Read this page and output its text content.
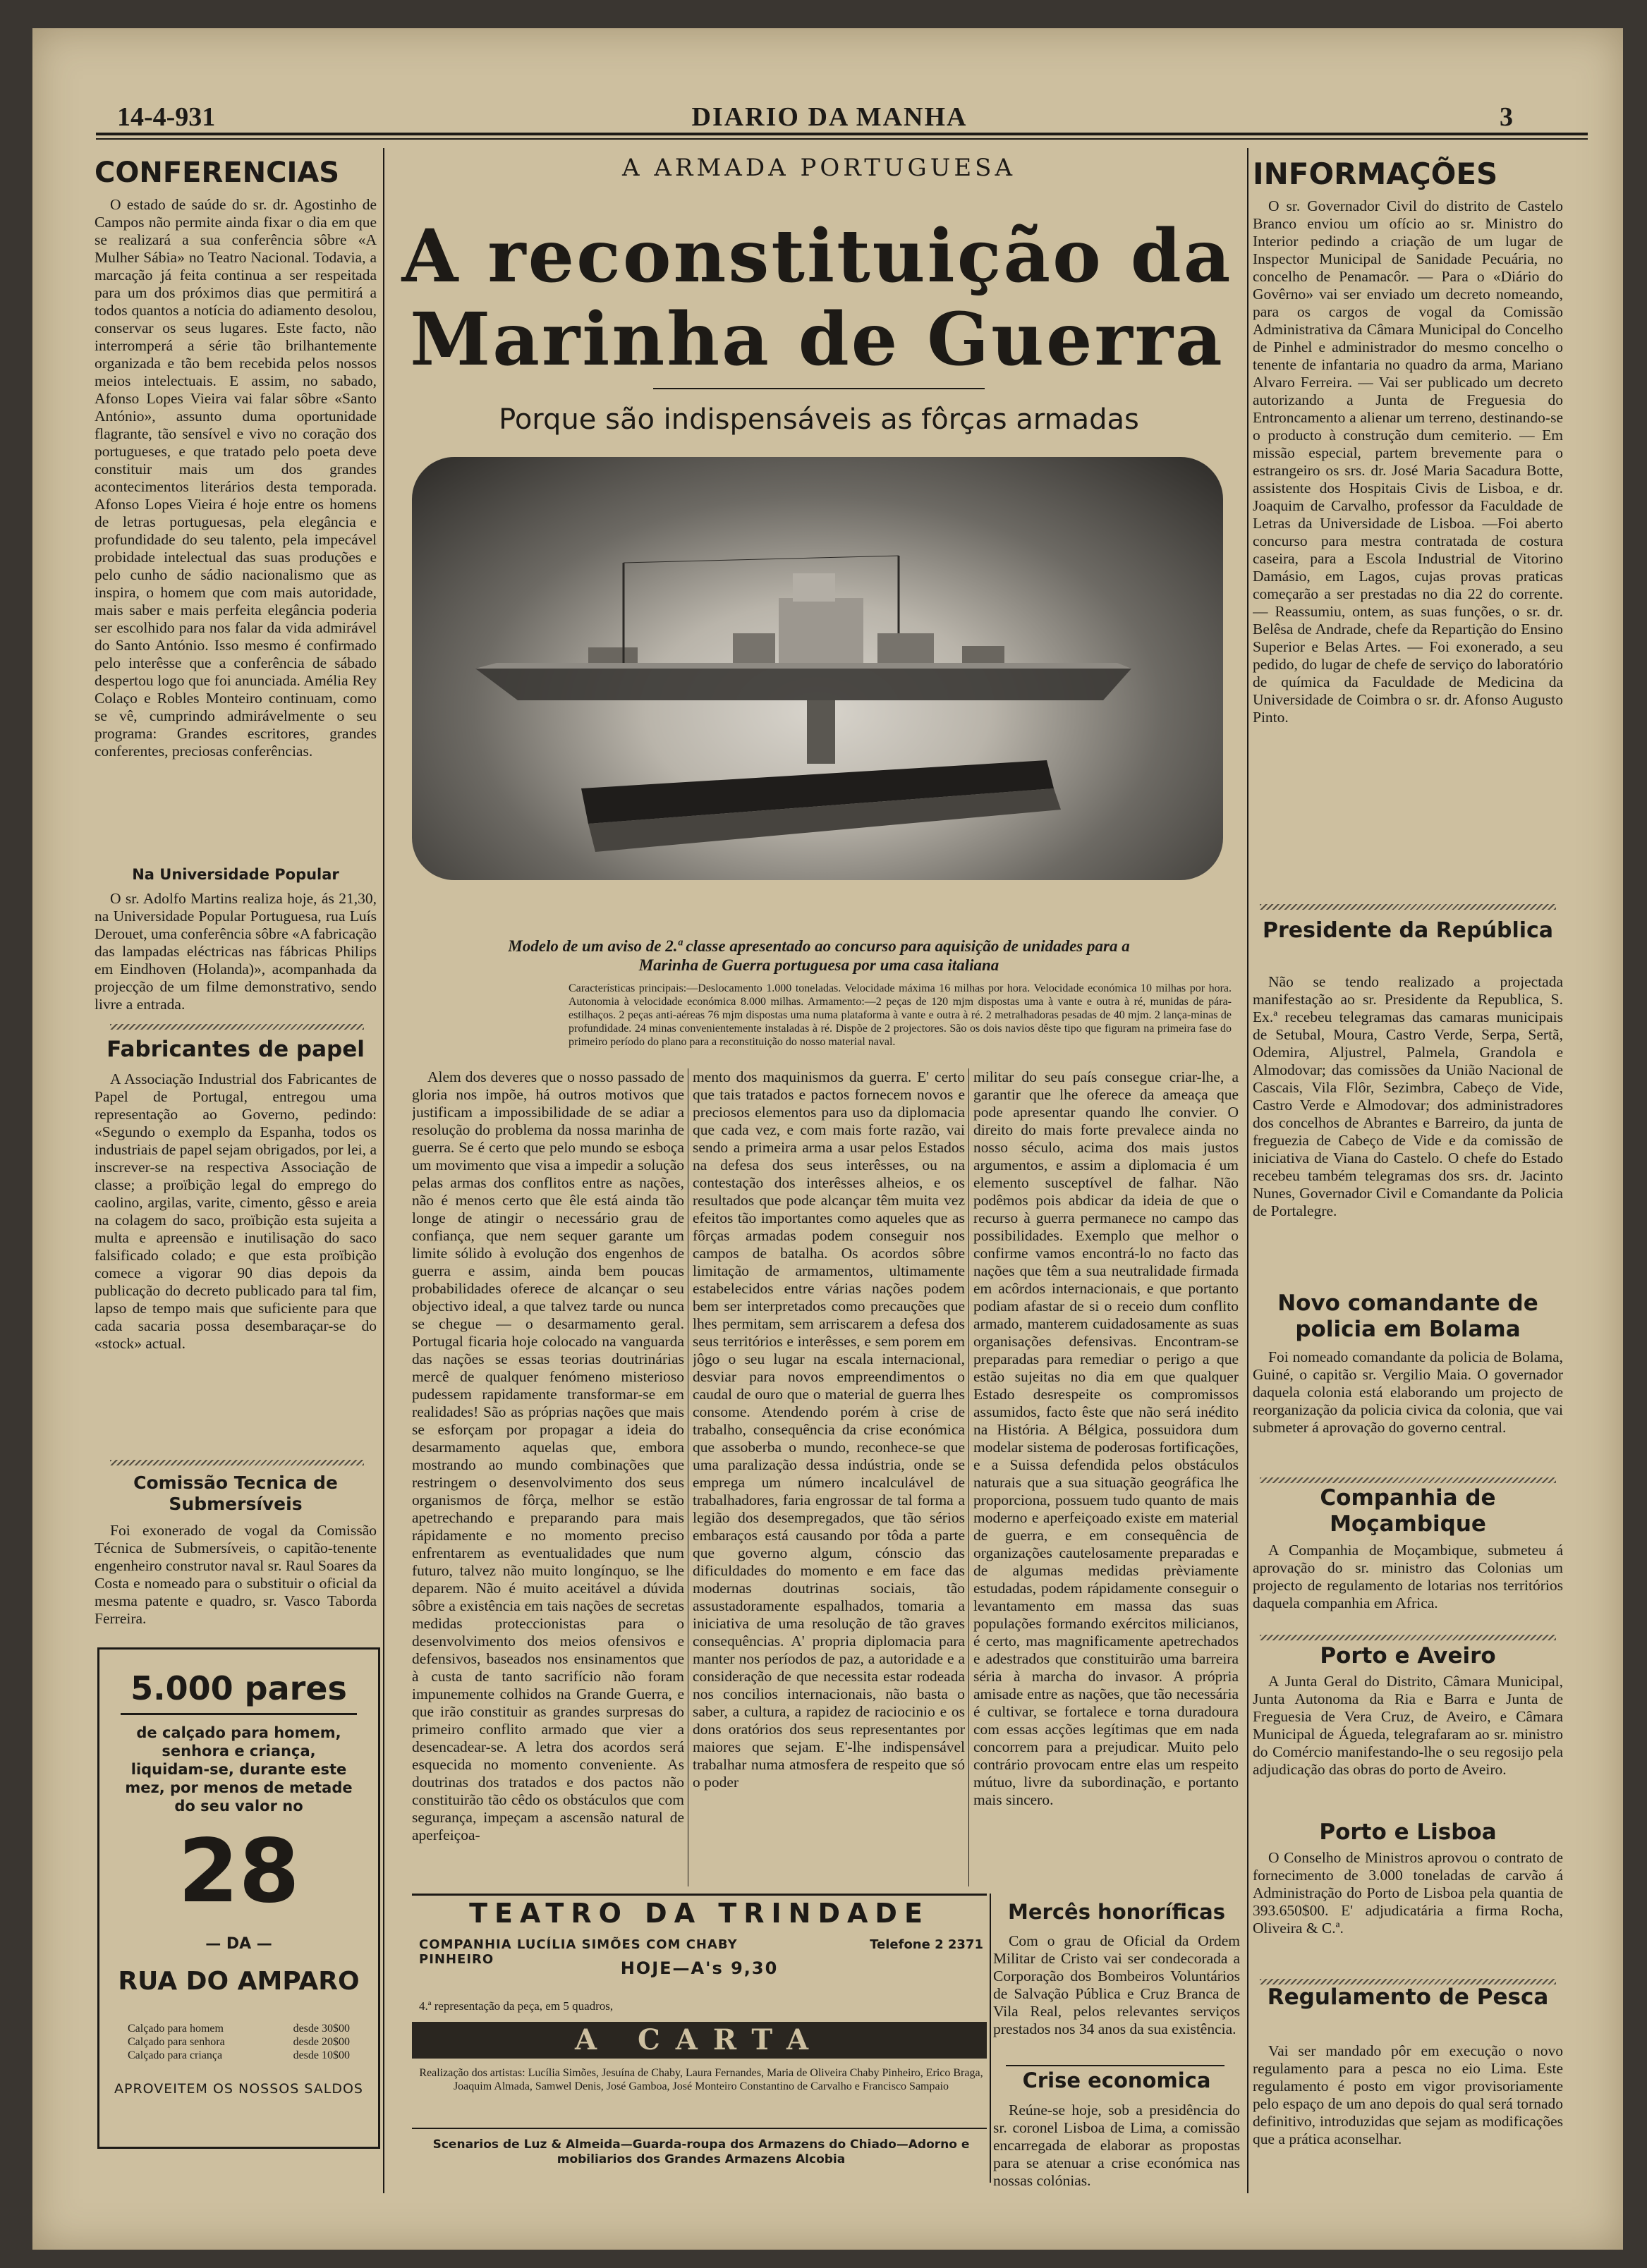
14-4-931	DIARIO DA MANHA	3
CONFERENCIAS

O estado de saúde do sr. dr. Agostinho de Campos não permite ainda fixar o dia em que se realizará a sua conferência sôbre «A Mulher Sábia» no Teatro Nacional. Todavia, a marcação já feita continua a ser respeitada para um dos próximos dias que permitirá a todos quantos a notícia do adiamento desolou, conservar os seus lugares. Este facto, não interromperá a série tão brilhantemente organizada e tão bem recebida pelos nossos meios intelectuais. E assim, no sabado, Afonso Lopes Vieira vai falar sôbre «Santo António», assunto duma oportunidade flagrante, tão sensível e vivo no coração dos portugueses, e que tratado pelo poeta deve constituir mais um dos grandes acontecimentos literários desta temporada. Afonso Lopes Vieira é hoje entre os homens de letras portuguesas, pela elegância e profundidade do seu talento, pela impecável probidade intelectual das suas produções e pelo cunho de sádio nacionalismo que as inspira, o homem que com mais autoridade, mais saber e mais perfeita elegância poderia ser escolhido para nos falar da vida admirável do Santo António. Isso mesmo é confirmado pelo interêsse que a conferência de sábado despertou logo que foi anunciada. Amélia Rey Colaço e Robles Monteiro continuam, como se vê, cumprindo admirávelmente o seu programa: Grandes escritores, grandes conferentes, preciosas conferências.

Na Universidade Popular

O sr. Adolfo Martins realiza hoje, ás 21,30, na Universidade Popular Portuguesa, rua Luís Derouet, uma conferência sôbre «A fabricação das lampadas eléctricas nas fábricas Philips em Eindhoven (Holanda)», acompanhada da projecção de um filme demonstrativo, sendo livre a entrada.

Fabricantes de papel

A Associação Industrial dos Fabricantes de Papel de Portugal, entregou uma representação ao Governo, pedindo: «Segundo o exemplo da Espanha, todos os industriais de papel sejam obrigados, por lei, a inscrever-se na respectiva Associação de classe; a proïbição legal do emprego do caolino, argilas, varite, cimento, gêsso e areia na colagem do saco, proïbição esta sujeita a multa e apreensão e inutilisação do saco falsificado colado; e que esta proïbição comece a vigorar 90 dias depois da publicação do decreto publicado para tal fim, lapso de tempo mais que suficiente para que cada sacaria possa desembaraçar-se do «stock» actual.

Comissão Tecnica de Submersíveis

Foi exonerado de vogal da Comissão Técnica de Submersíveis, o capitão-tenente engenheiro construtor naval sr. Raul Soares da Costa e nomeado para o substituir o oficial da mesma patente e quadro, sr. Vasco Taborda Ferreira.

5.000 pares
de calçado para homem, senhora e criança, liquidam-se, durante este mez, por menos de metade do seu valor no
28
— DA —
RUA DO AMPARO
Calçado para homem	desde 30$00
Calçado para senhora	desde 20$00
Calçado para criança	desde 10$00
APROVEITEM OS NOSSOS SALDOS
A ARMADA PORTUGUESA
A reconstituição da
Marinha de Guerra
Porque são indispensáveis as fôrças armadas
Modelo de um aviso de 2.ª classe apresentado ao concurso para aquisição de unidades para a
Marinha de Guerra portuguesa por uma casa italiana
Características principais:—Deslocamento 1.000 toneladas. Velocidade máxima 16 milhas por hora. Velocidade económica 10 milhas por hora. Autonomia à velocidade económica 8.000 milhas. Armamento:—2 peças de 120 mjm dispostas uma à vante e outra à ré, munidas de pára-estilhaços. 2 peças anti-aéreas 76 mjm dispostas uma numa plataforma à vante e outra à ré. 2 metralhadoras pesadas de 40 mjm. 2 lança-minas de profundidade. 24 minas convenientemente instaladas à ré. Dispõe de 2 projectores. São os dois navios dêste tipo que figuram na primeira fase do primeiro período do plano para a reconstituição do nosso material naval.

Alem dos deveres que o nosso passado de gloria nos impõe, há outros motivos que justificam a impossibilidade de se adiar a resolução do problema da nossa marinha de guerra. Se é certo que pelo mundo se esboça um movimento que visa a impedir a solução pelas armas dos conflitos entre as nações, não é menos certo que êle está ainda tão longe de atingir o necessário grau de confiança, que nem sequer garante um limite sólido à evolução dos engenhos de guerra e assim, ainda bem poucas probabilidades oferece de alcançar o seu objectivo ideal, a que talvez tarde ou nunca se chegue — o desarmamento geral. Portugal ficaria hoje colocado na vanguarda das nações se essas teorias doutrinárias mercê de qualquer fenómeno misterioso pudessem rapidamente transformar-se em realidades! São as próprias nações que mais se esforçam por propagar a ideia do desarmamento aquelas que, embora mostrando ao mundo combinações que restringem o desenvolvimento dos seus organismos de fôrça, melhor se estão apetrechando e preparando para mais rápidamente e no momento preciso enfrentarem as eventualidades que num futuro, talvez não muito longínquo, se lhe deparem. Não é muito aceitável a dúvida sôbre a existência em tais nações de secretas medidas proteccionistas para o desenvolvimento dos meios ofensivos e defensivos, baseados nos ensinamentos que à custa de tanto sacrifício não foram impunemente colhidos na Grande Guerra, e que irão constituir as grandes surpresas do primeiro conflito armado que vier a desencadear-se. A letra dos acordos será esquecida no momento conveniente. As doutrinas dos tratados e dos pactos não constituirão tão cêdo os obstáculos que com segurança, impeçam a ascensão natural de aperfeiçoa-

mento dos maquinismos da guerra. E' certo que tais tratados e pactos fornecem novos e preciosos elementos para uso da diplomacia que cada vez, e com mais forte razão, vai sendo a primeira arma a usar pelos Estados na defesa dos seus interêsses, ou na contestação dos interêsses alheios, e os resultados que pode alcançar têm muita vez efeitos tão importantes como aqueles que as fôrças armadas podem conseguir nos campos de batalha. Os acordos sôbre limitação de armamentos, ultimamente estabelecidos entre várias nações podem bem ser interpretados como precauções que lhes permitam, sem arriscarem a defesa dos seus territórios e interêsses, e sem porem em jôgo o seu lugar na escala internacional, desviar para novos empreendimentos o caudal de ouro que o material de guerra lhes consome. Atendendo porém à crise de trabalho, consequência da crise económica que assoberba o mundo, reconhece-se que uma paralização dessa indústria, onde se emprega um número incalculável de trabalhadores, faria engrossar de tal forma a legião dos desempregados, que tão sérios embaraços está causando por tôda a parte que governo algum, cónscio das dificuldades do momento e em face das modernas doutrinas sociais, tão assustadoramente espalhados, tomaria a iniciativa de uma resolução de tão graves consequências. A' propria diplomacia para manter nos períodos de paz, a autoridade e a consideração de que necessita estar rodeada nos concilios internacionais, não basta o saber, a cultura, a rapidez de raciocinio e os dons oratórios dos seus representantes por maiores que sejam. E'-lhe indispensável trabalhar numa atmosfera de respeito que só o poder

militar do seu país consegue criar-lhe, a garantir que lhe oferece da ameaça que pode apresentar quando lhe convier. O direito do mais forte prevalece ainda no nosso século, acima dos mais justos argumentos, e assim a diplomacia é um elemento susceptível de falhar. Não podêmos pois abdicar da ideia de que o recurso à guerra permanece no campo das possibilidades. Exemplo que melhor o confirme vamos encontrá-lo no facto das nações que têm a sua neutralidade firmada em acôrdos internacionais, e que portanto podiam afastar de si o receio dum conflito armado, manterem cuidadosamente as suas organisações defensivas. Encontram-se preparadas para remediar o perigo a que estão sujeitas no dia em que qualquer Estado desrespeite os compromissos assumidos, facto êste que não será inédito na História. A Bélgica, possuidora dum modelar sistema de poderosas fortificações, e a Suissa defendida pelos obstáculos naturais que a sua situação geográfica lhe proporciona, possuem tudo quanto de mais moderno e aperfeiçoado existe em material de guerra, e em consequência de organizações cautelosamente preparadas e de algumas medidas prèviamente estudadas, podem rápidamente conseguir o levantamento em massa das suas populações formando exércitos milicianos, é certo, mas magnificamente apetrechados e adestrados que constituirão uma barreira séria à marcha do invasor. A própria amisade entre as nações, que tão necessária é cultivar, se fortalece e torna duradoura com essas acções legítimas que em nada concorrem para a prejudicar. Muito pelo contrário provocam entre elas um respeito mútuo, livre da subordinação, e portanto mais sincero.

TEATRO DA TRINDADE
COMPANHIA LUCÍLIA SIMÕES COM CHABY PINHEIRO
Telefone 2 2371
HOJE—A's 9,30
4.ª representação da peça, em 5 quadros,
A CARTA
Realização dos artistas: Lucília Simões, Jesuína de Chaby, Laura Fernandes, Maria de Oliveira Chaby Pinheiro, Erico Braga, Joaquim Almada, Samwel Denis, José Gamboa, José Monteiro Constantino de Carvalho e Francisco Sampaio
Scenarios de Luz & Almeida—Guarda-roupa dos Armazens do Chiado—Adorno e mobiliarios dos Grandes Armazens Alcobia
Mercês honoríficas

Com o grau de Oficial da Ordem Militar de Cristo vai ser condecorada a Corporação dos Bombeiros Voluntários de Salvação Pública e Cruz Branca de Vila Real, pelos relevantes serviços prestados nos 34 anos da sua existência.

Crise economica

Reúne-se hoje, sob a presidência do sr. coronel Lisboa de Lima, a comissão encarregada de elaborar as propostas para se atenuar a crise económica nas nossas colónias.

INFORMAÇÕES

O sr. Governador Civil do distrito de Castelo Branco enviou um ofício ao sr. Ministro do Interior pedindo a criação de um lugar de Inspector Municipal de Sanidade Pecuária, no concelho de Penamacôr. — Para o «Diário do Govêrno» vai ser enviado um decreto nomeando, para os cargos de vogal da Comissão Administrativa da Câmara Municipal do Concelho de Pinhel e administrador do mesmo concelho o tenente de infantaria no quadro da arma, Mariano Alvaro Ferreira. — Vai ser publicado um decreto autorizando a Junta de Freguesia do Entroncamento a alienar um terreno, destinando-se o producto à construção dum cemiterio. — Em missão especial, partem brevemente para o estrangeiro os srs. dr. José Maria Sacadura Botte, assistente dos Hospitais Civis de Lisboa, e dr. Joaquim de Carvalho, professor da Faculdade de Letras da Universidade de Lisboa. —Foi aberto concurso para mestra contratada de costura caseira, para a Escola Industrial de Vitorino Damásio, em Lagos, cujas provas praticas começarão a ser prestadas no dia 22 do corrente. — Reassumiu, ontem, as suas funções, o sr. dr. Belêsa de Andrade, chefe da Repartição do Ensino Superior e Belas Artes. — Foi exonerado, a seu pedido, do lugar de chefe de serviço do laboratório de química da Faculdade de Medicina da Universidade de Coimbra o sr. dr. Afonso Augusto Pinto.

Presidente da República

Não se tendo realizado a projectada manifestação ao sr. Presidente da Republica, S. Ex.ª recebeu telegramas das camaras municipais de Setubal, Moura, Castro Verde, Serpa, Sertã, Odemira, Aljustrel, Palmela, Grandola e Almodovar; das comissões da União Nacional de Cascais, Vila Flôr, Sezimbra, Cabeço de Vide, Castro Verde e Almodovar; dos administradores dos concelhos de Abrantes e Barreiro, da junta de freguezia de Cabeço de Vide e da comissão de iniciativa de Viana do Castelo. O chefe do Estado recebeu também telegramas dos srs. dr. Jacinto Nunes, Governador Civil e Comandante da Policia de Portalegre.

Novo comandante de policia em Bolama

Foi nomeado comandante da policia de Bolama, Guiné, o capitão sr. Vergilio Maia. O governador daquela colonia está elaborando um projecto de reorganização da policia civica da colonia, que vai submeter á aprovação do governo central.

Companhia de Moçambique

A Companhia de Moçambique, submeteu á aprovação do sr. ministro das Colonias um projecto de regulamento de lotarias nos territórios daquela companhia em Africa.

Porto e Aveiro

A Junta Geral do Distrito, Câmara Municipal, Junta Autonoma da Ria e Barra e Junta de Freguesia de Vera Cruz, de Aveiro, e Câmara Municipal de Águeda, telegrafaram ao sr. ministro do Comércio manifestando-lhe o seu regosijo pela adjudicação das obras do porto de Aveiro.

Porto e Lisboa

O Conselho de Ministros aprovou o contrato de fornecimento de 3.000 toneladas de carvão á Administração do Porto de Lisboa pela quantia de 393.650$00. E' adjudicatária a firma Rocha, Oliveira & C.ª.

Regulamento de Pesca

Vai ser mandado pôr em execução o novo regulamento para a pesca no eio Lima. Este regulamento é posto em vigor provisoriamente pelo espaço de um ano depois do qual será tornado definitivo, introduzidas que sejam as modificações que a prática aconselhar.
